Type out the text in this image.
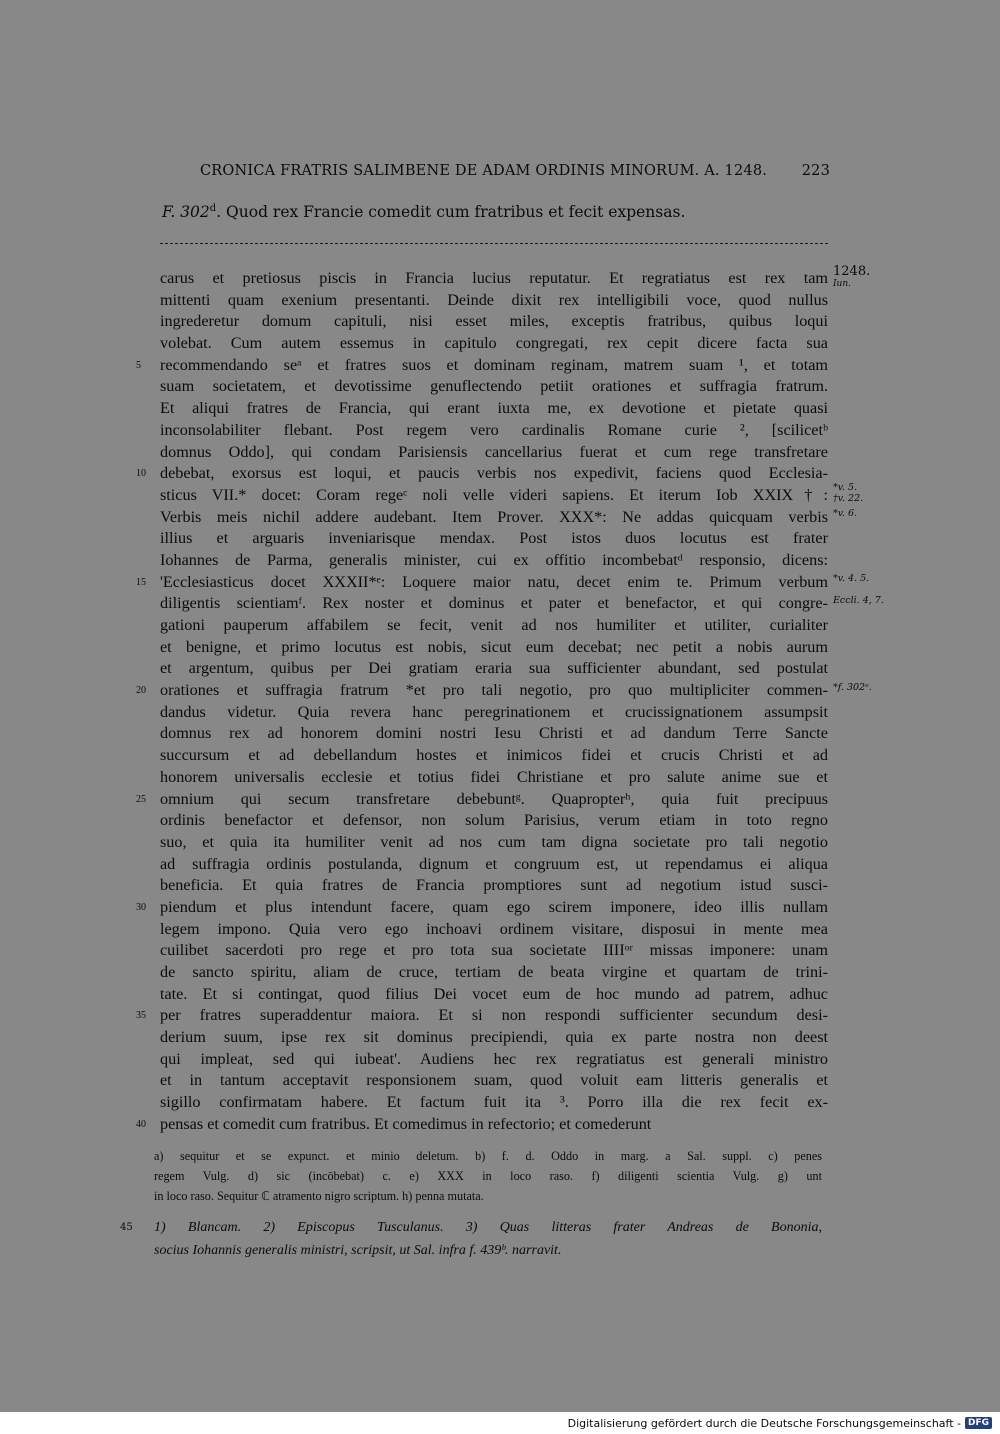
CRONICA FRATRIS SALIMBENE DE ADAM ORDINIS MINORUM. A. 1248. 223
F. 302$^d$. Quod rex Francie comedit cum fratribus et fecit expensas.
1248.
Iun.
carus et pretiosus piscis in Francia lucius reputatur. Et regratiatus est rex tam
mittenti quam exenium presentanti. Deinde dixit rex intelligibili voce, quod nullus
ingrederetur domum capituli, nisi esset miles, exceptis fratribus, quibus loqui
volebat. Cum autem essemus in capitulo congregati, rex cepit dicere facta sua
recommendando seᵃ et fratres suos et dominam reginam, matrem suam ¹, et totam
5
suam societatem, et devotissime genuflectendo petiit orationes et suffragia fratrum.
Et aliqui fratres de Francia, qui erant iuxta me, ex devotione et pietate quasi
inconsolabiliter flebant. Post regem vero cardinalis Romane curie ², [scilicetᵇ
domnus Oddo], qui condam Parisiensis cancellarius fuerat et cum rege transfretare
debebat, exorsus est loqui, et paucis verbis nos expedivit, faciens quod Ecclesia-
10
sticus VII.* docet: Coram regeᶜ noli velle videri sapiens. Et iterum Iob XXIX†:
Verbis meis nichil addere audebant. Item Prover. XXX*: Ne addas quicquam verbis
illius et arguaris inveniarisque mendax. Post istos duos locutus est frater
Iohannes de Parma, generalis minister, cui ex offitio incombebatᵈ responsio, dicens:
'Ecclesiasticus docet XXXII*ᵉ: Loquere maior natu, decet enim te. Primum verbum
15
diligentis scientiamᶠ. Rex noster et dominus et pater et benefactor, et qui congre-
gationi pauperum affabilem se fecit, venit ad nos humiliter et utiliter, curialiter
et benigne, et primo locutus est nobis, sicut eum decebat; nec petit a nobis aurum
et argentum, quibus per Dei gratiam eraria sua sufficienter abundant, sed postulat
orationes et suffragia fratrum *et pro tali negotio, pro quo multipliciter commen-
20
dandus videtur. Quia revera hanc peregrinationem et crucissignationem assumpsit
domnus rex ad honorem domini nostri Iesu Christi et ad dandum Terre Sancte
succursum et ad debellandum hostes et inimicos fidei et crucis Christi et ad
honorem universalis ecclesie et totius fidei Christiane et pro salute anime sue et
omnium qui secum transfretare debebuntᵍ. Quapropterʰ, quia fuit precipuus
25
ordinis benefactor et defensor, non solum Parisius, verum etiam in toto regno
suo, et quia ita humiliter venit ad nos cum tam digna societate pro tali negotio
ad suffragia ordinis postulanda, dignum et congruum est, ut rependamus ei aliqua
beneficia. Et quia fratres de Francia promptiores sunt ad negotium istud susci-
piendum et plus intendunt facere, quam ego scirem imponere, ideo illis nullam
30
legem impono. Quia vero ego inchoavi ordinem visitare, disposui in mente mea
cuilibet sacerdoti pro rege et pro tota sua societate IIIIᵒʳ missas imponere: unam
de sancto spiritu, aliam de cruce, tertiam de beata virgine et quartam de trini-
tate. Et si contingat, quod filius Dei vocet eum de hoc mundo ad patrem, adhuc
per fratres superaddentur maiora. Et si non respondi sufficienter secundum desi-
35
derium suum, ipse rex sit dominus precipiendi, quia ex parte nostra non deest
qui impleat, sed qui iubeat'. Audiens hec rex regratiatus est generali ministro
et in tantum acceptavit responsionem suam, quod voluit eam litteris generalis et
sigillo confirmatam habere. Et factum fuit ita ³. Porro illa die rex fecit ex-
pensas et comedit cum fratribus. Et comedimus in refectorio; et comederunt
40
*v. 5.
†v. 22.
*v. 6.
*v. 4. 5.
Eccli. 4, 7.
*f. 302ᵉ.
a) sequitur et se expunct. et minio deletum. b) f. d. Oddo in marg. a Sal. suppl. c) penes
regem Vulg. d) sic (incōbebat) c. e) XXX in loco raso. f) diligenti scientia Vulg. g) unt
in loco raso. Sequitur ℂ atramento nigro scriptum. h) penna mutata.
45 1) Blancam. 2) Episcopus Tusculanus. 3) Quas litteras frater Andreas de Bononia,
socius Iohannis generalis ministri, scripsit, ut Sal. infra f. 439ᵇ. narravit.
Digitalisierung gefördert durch die Deutsche Forschungsgemeinschaft - DFG
